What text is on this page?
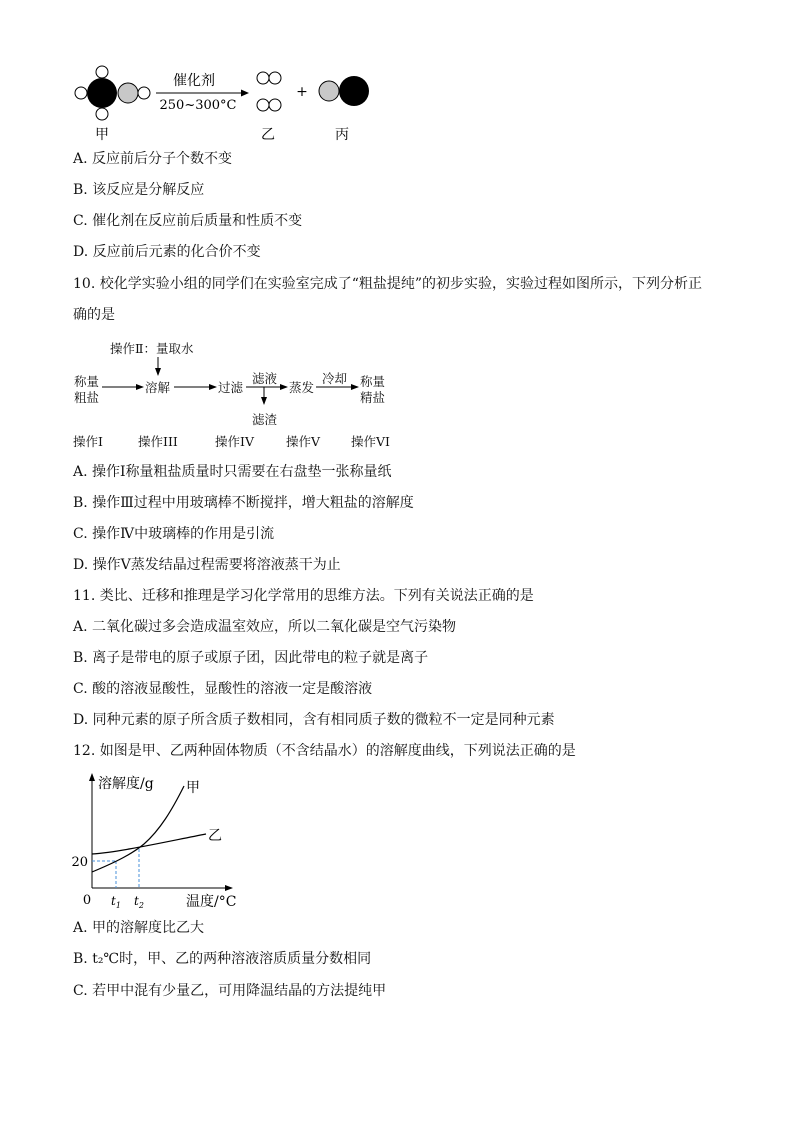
催化剂
250~300°C
+
甲	乙	丙
A. 反应前后分子个数不变
B. 该反应是分解反应
C. 催化剂在反应前后质量和性质不变
D. 反应前后元素的化合价不变
10. 校化学实验小组的同学们在实验室完成了“粗盐提纯”的初步实验，实验过程如图所示，下列分析正
确的是
操作Ⅱ：量取水
称量
粗盐
溶解	过滤
滤液
滤渣
蒸发
冷却 称量
精盐
操作I	操作III	操作IV	操作V 操作VI
A. 操作Ⅰ称量粗盐质量时只需要在右盘垫一张称量纸
B. 操作Ⅲ过程中用玻璃棒不断搅拌，增大粗盐的溶解度
C. 操作Ⅳ中玻璃棒的作用是引流
D. 操作Ⅴ蒸发结晶过程需要将溶液蒸干为止
11. 类比、迁移和推理是学习化学常用的思维方法。下列有关说法正确的是
A. 二氧化碳过多会造成温室效应，所以二氧化碳是空气污染物
B. 离子是带电的原子或原子团，因此带电的粒子就是离子
C. 酸的溶液显酸性，显酸性的溶液一定是酸溶液
D. 同种元素的原子所含质子数相同，含有相同质子数的微粒不一定是同种元素
12. 如图是甲、乙两种固体物质（不含结晶水）的溶解度曲线，下列说法正确的是
溶解度/g
温度/°C
0
20
$t_1$ $t_2$
甲
乙
A. 甲的溶解度比乙大
B. t₂℃时，甲、乙的两种溶液溶质质量分数相同
C. 若甲中混有少量乙，可用降温结晶的方法提纯甲
